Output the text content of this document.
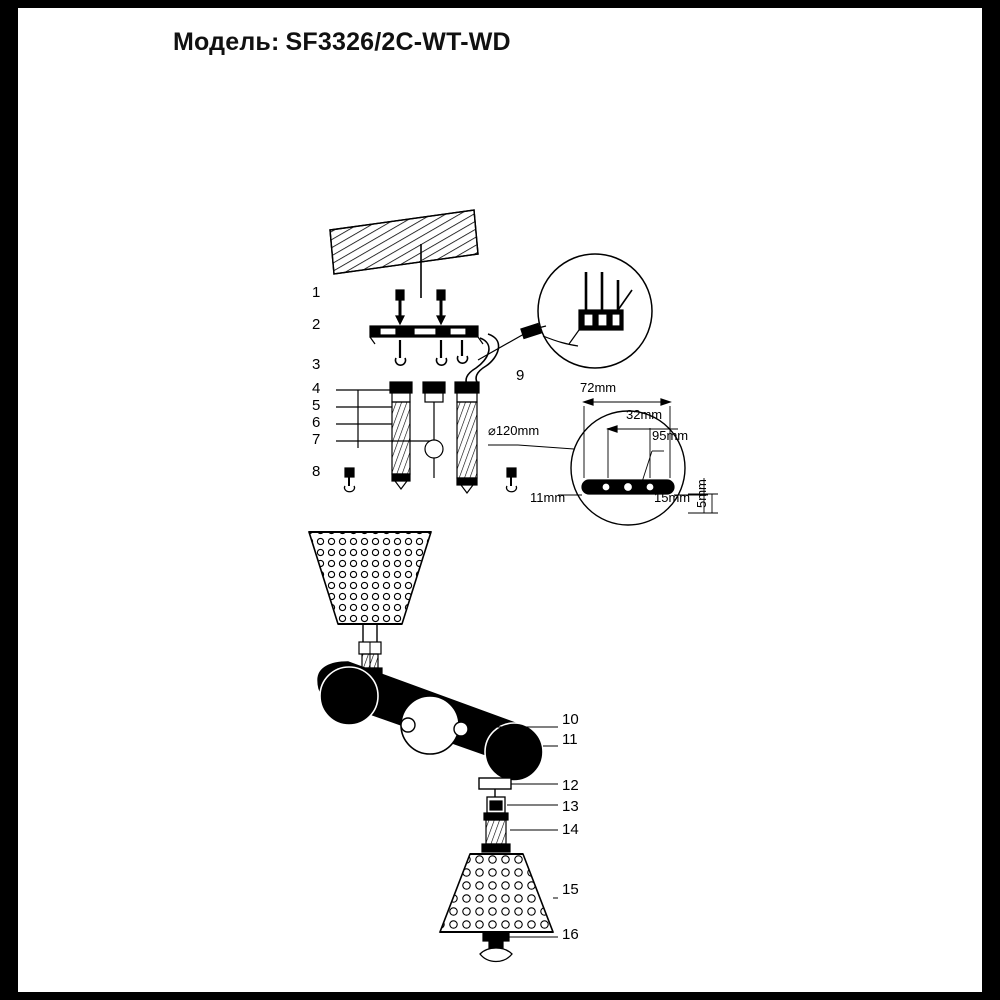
Модель: SF3326/2C-WT-WD
1
2
3
4
5
6
7
8
9
10
11
12
13
14
15
16
72mm
32mm
95mm
⌀120mm
11mm	15mm 5mm
